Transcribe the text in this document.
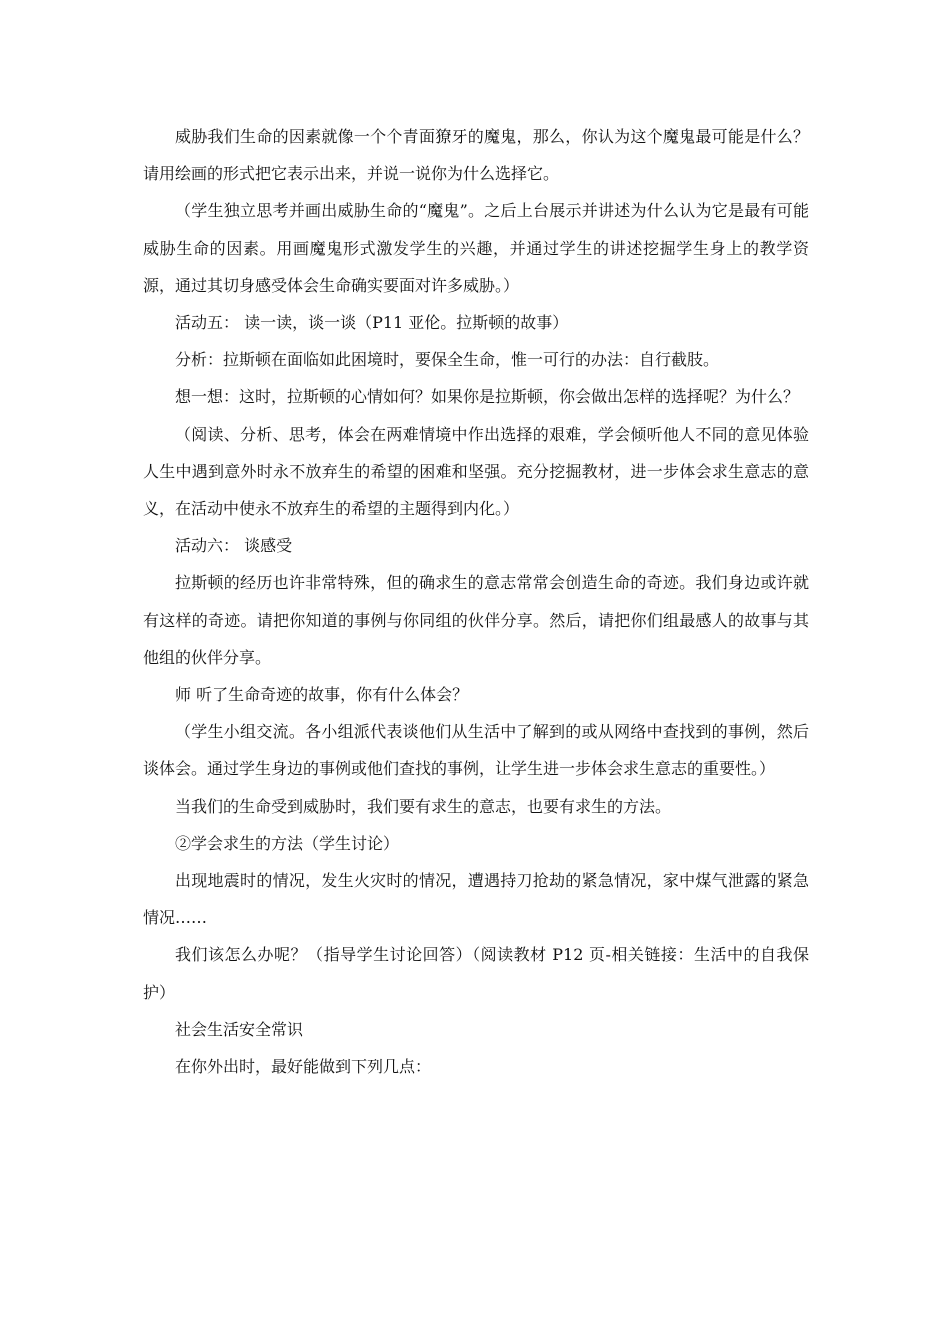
威胁我们生命的因素就像一个个青面獠牙的魔鬼，那么，你认为这个魔鬼最可能是什么？请用绘画的形式把它表示出来，并说一说你为什么选择它。

（学生独立思考并画出威胁生命的“魔鬼”。之后上台展示并讲述为什么认为它是最有可能威胁生命的因素。用画魔鬼形式激发学生的兴趣，并通过学生的讲述挖掘学生身上的教学资源，通过其切身感受体会生命确实要面对许多威胁。）

活动五： 读一读，谈一谈（P11 亚伦。拉斯顿的故事）

分析：拉斯顿在面临如此困境时，要保全生命，惟一可行的办法：自行截肢。

想一想：这时，拉斯顿的心情如何？如果你是拉斯顿，你会做出怎样的选择呢？为什么？

（阅读、分析、思考，体会在两难情境中作出选择的艰难，学会倾听他人不同的意见体验人生中遇到意外时永不放弃生的希望的困难和坚强。充分挖掘教材，进一步体会求生意志的意义，在活动中使永不放弃生的希望的主题得到内化。）

活动六： 谈感受

拉斯顿的经历也许非常特殊，但的确求生的意志常常会创造生命的奇迹。我们身边或许就有这样的奇迹。请把你知道的事例与你同组的伙伴分享。然后，请把你们组最感人的故事与其他组的伙伴分享。

师 听了生命奇迹的故事，你有什么体会？

（学生小组交流。各小组派代表谈他们从生活中了解到的或从网络中查找到的事例，然后谈体会。通过学生身边的事例或他们查找的事例，让学生进一步体会求生意志的重要性。）

当我们的生命受到威胁时，我们要有求生的意志，也要有求生的方法。

②学会求生的方法（学生讨论）

出现地震时的情况，发生火灾时的情况，遭遇持刀抢劫的紧急情况，家中煤气泄露的紧急情况……

我们该怎么办呢？（指导学生讨论回答）（阅读教材 P12 页-相关链接：生活中的自我保护）

社会生活安全常识

在你外出时，最好能做到下列几点：
